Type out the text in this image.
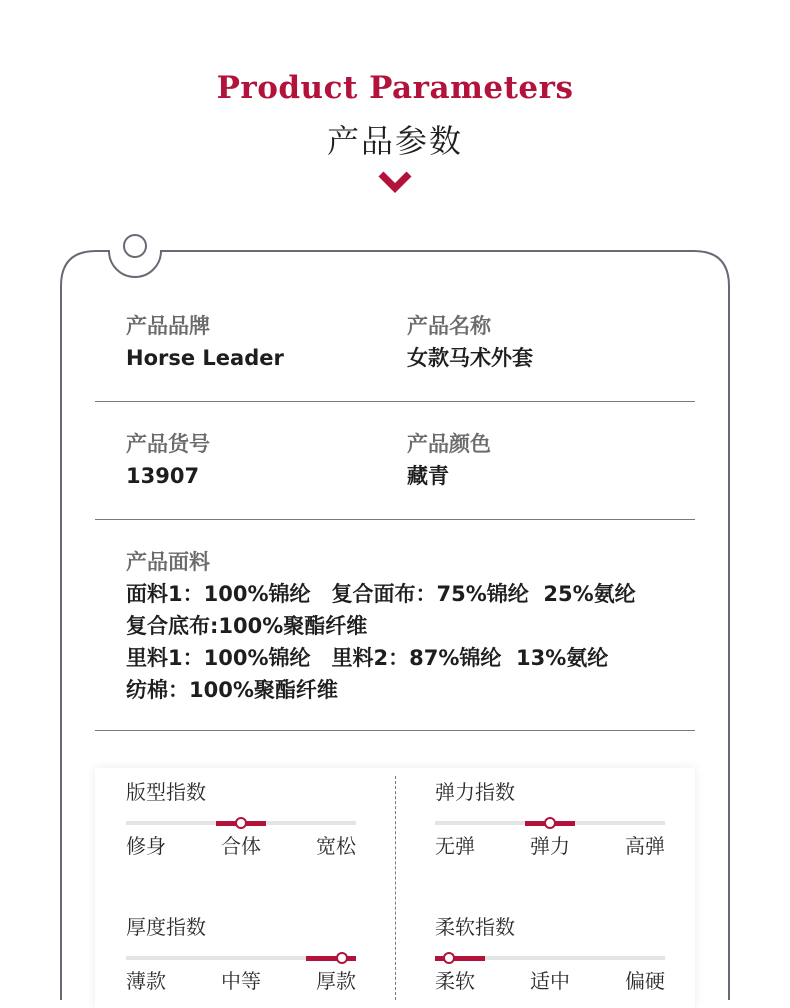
Product Parameters
产品参数
产品品牌
Horse Leader
产品名称
女款马术外套
产品货号
13907
产品颜色
藏青
产品面料
面料1：100%锦纶　复合面布：75%锦纶  25%氨纶
复合底布:100%聚酯纤维
里料1：100%锦纶　里料2：87%锦纶  13%氨纶
纺棉：100%聚酯纤维
版型指数
修身	合体	宽松
弹力指数
无弹	弹力	高弹
厚度指数
薄款	中等	厚款
柔软指数
柔软	适中	偏硬
